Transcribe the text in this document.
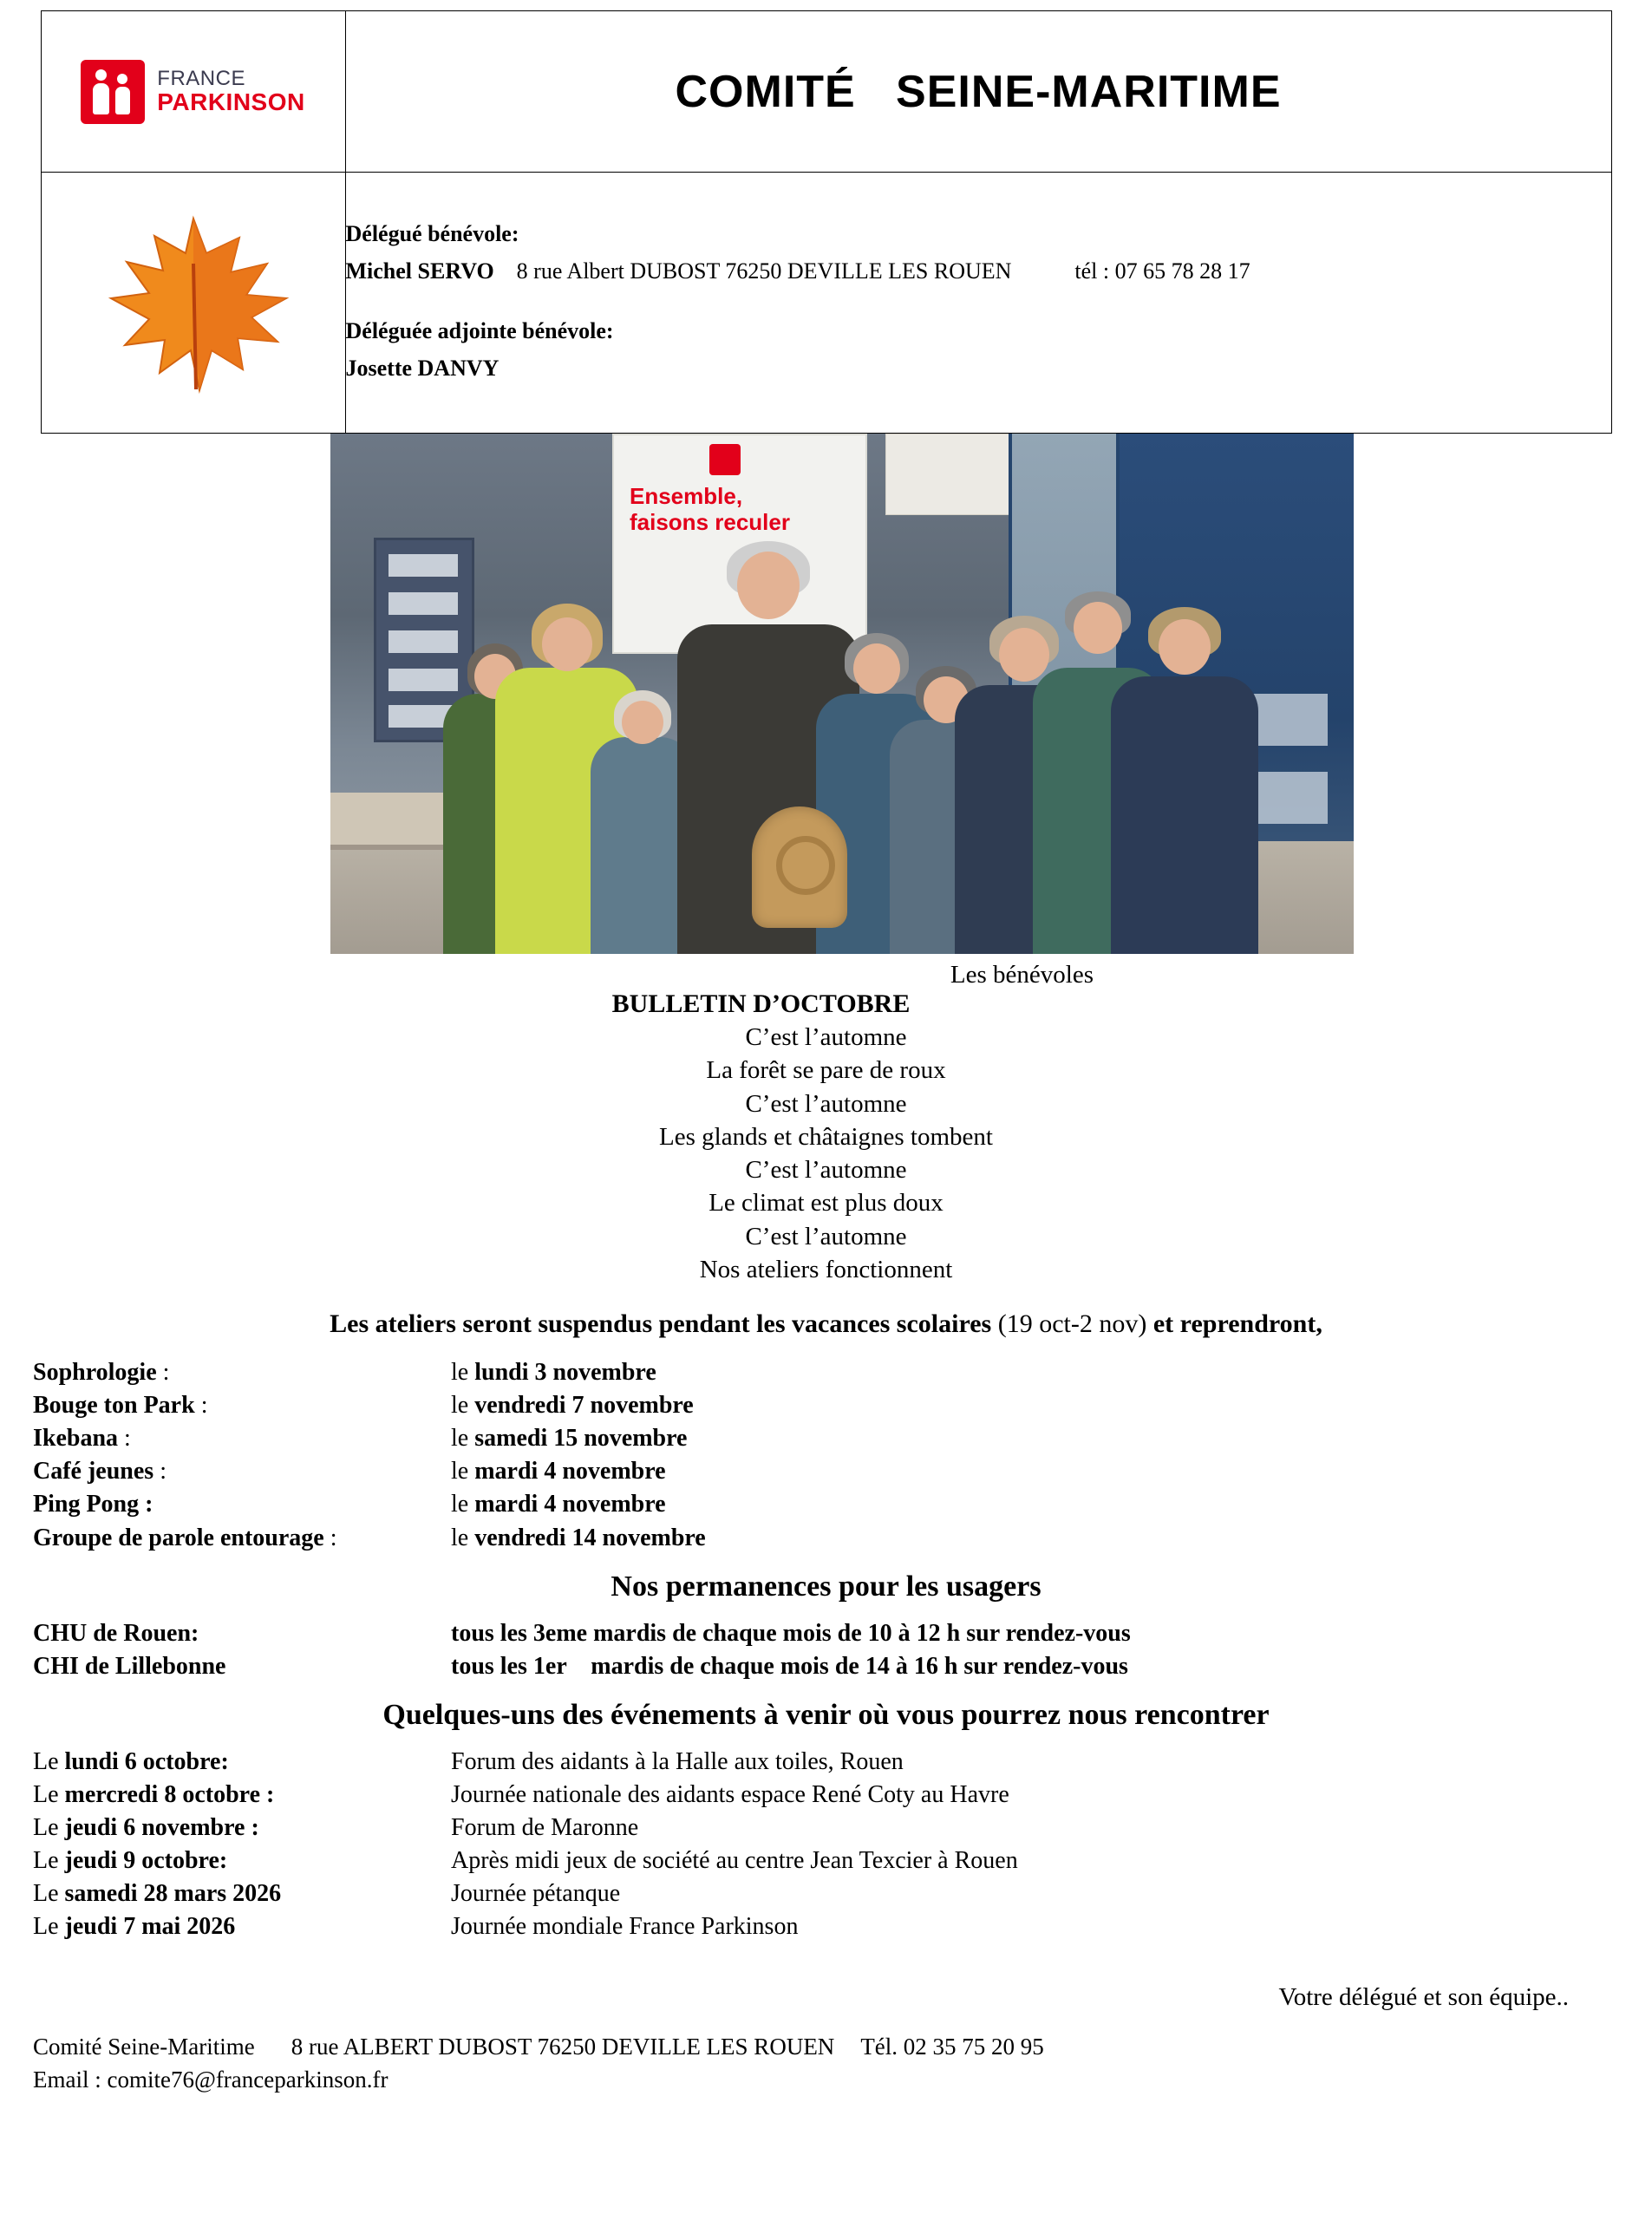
FRANCE
PARKINSON	COMITÉ   SEINE-MARITIME

Délégué bénévole:
Michel SERVO 8 rue Albert DUBOST 76250 DEVILLE LES ROUEN tél : 07 65 78 28 17
Déléguée adjointe bénévole:
Josette DANVY
Ensemble,
faisons reculer
Les bénévoles
BULLETIN D’OCTOBRE
C’est l’automne
La forêt se pare de roux
C’est l’automne
Les glands et châtaignes tombent
C’est l’automne
Le climat est plus doux
C’est l’automne
Nos ateliers fonctionnent
Les ateliers seront suspendus pendant les vacances scolaires (19 oct-2 nov) et reprendront,
Sophrologie :	le lundi 3 novembre
Bouge ton Park :	le vendredi 7 novembre
Ikebana :	le samedi 15 novembre
Café jeunes :	le mardi 4 novembre
Ping Pong :	le mardi 4 novembre
Groupe de parole entourage :	le vendredi 14 novembre
Nos permanences pour les usagers
CHU de Rouen:	tous les 3eme mardis de chaque mois de 10 à 12 h sur rendez-vous
CHI de Lillebonne	tous les 1er    mardis de chaque mois de 14 à 16 h sur rendez-vous
Quelques-uns des événements à venir où vous pourrez nous rencontrer
Le lundi 6 octobre:	Forum des aidants à la Halle aux toiles, Rouen
Le mercredi 8 octobre :	Journée nationale des aidants espace René Coty au Havre
Le jeudi 6 novembre :	Forum de Maronne
Le jeudi 9 octobre:	Après midi jeux de société au centre Jean Texcier à Rouen
Le samedi 28 mars 2026	Journée pétanque
Le jeudi 7 mai 2026	Journée mondiale France Parkinson
Votre délégué et son équipe..
Comité Seine-Maritime 8 rue ALBERT DUBOST 76250 DEVILLE LES ROUEN Tél. 02 35 75 20 95
Email : comite76@franceparkinson.fr
